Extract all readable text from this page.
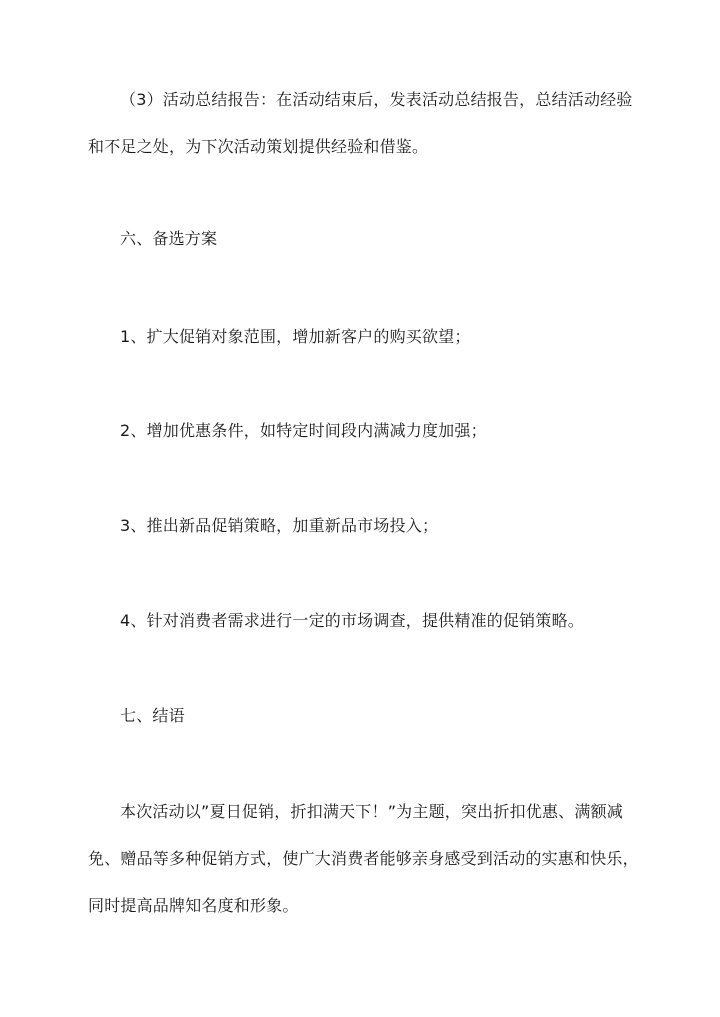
（3）活动总结报告：在活动结束后，发表活动总结报告，总结活动经验和不足之处，为下次活动策划提供经验和借鉴。

六、备选方案

1、扩大促销对象范围，增加新客户的购买欲望；

2、增加优惠条件，如特定时间段内满减力度加强；

3、推出新品促销策略，加重新品市场投入；

4、针对消费者需求进行一定的市场调查，提供精准的促销策略。

七、结语

本次活动以”夏日促销，折扣满天下！”为主题，突出折扣优惠、满额减免、赠品等多种促销方式，使广大消费者能够亲身感受到活动的实惠和快乐，同时提高品牌知名度和形象。
